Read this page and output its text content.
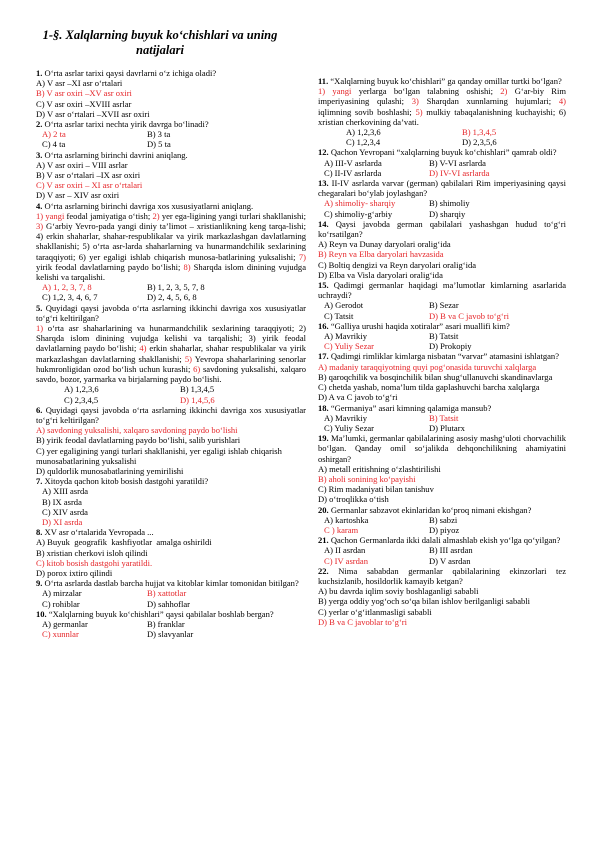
1-§. Xalqlarning buyuk ko‘chishlari va uning
natijalari
1. O‘rta asrlar tarixi qaysi davrlarni o‘z ichiga oladi?
A) V asr –XI asr o‘rtalari
B) V asr oxiri –XV asr oxiri
C) V asr oxiri –XVIII asrlar
D) V asr o‘rtalari –XVII asr oxiri
2. O‘rta asrlar tarixi nechta yirik davrga bo‘linadi?
A) 2 ta	B) 3 ta
C) 4 ta	D) 5 ta
3. O‘rta asrlarning birinchi davrini aniqlang.
A) V asr oxiri – VIII asrlar
B) V asr o‘rtalari –IX asr oxiri
C) V asr oxiri – XI asr o‘rtalari
D) V asr – XIV asr oxiri
4. O‘rta asrlarning birinchi davriga xos xususiyatlarni aniqlang.
1) yangi feodal jamiyatiga o‘tish; 2) yer ega-ligining yangi turlari shakllanishi; 3) G‘arbiy Yevro-pada yangi diniy ta’limot – xristianlikning keng tarqa-lishi; 4) erkin shaharlar, shahar-respublikalar va yirik markazlashgan davlatlarning shakllanishi; 5) o‘rta asr-larda shaharlarning va hunarmandchilik sexlarining taraqqiyoti; 6) yer egaligi ishlab chiqarish munosa-batlarining yuksalishi; 7) yirik feodal davlatlarning paydo bo‘lishi; 8) Sharqda islom dinining vujudga kelishi va tarqalishi.
A) 1, 2, 3, 7, 8	B) 1, 2, 3, 5, 7, 8
C) 1,2, 3, 4, 6, 7	D) 2, 4, 5, 6, 8
5. Quyidagi qaysi javobda o‘rta asrlarning ikkinchi davriga xos xususiyatlar to‘g‘ri keltirilgan?
1) o‘rta asr shaharlarining va hunarmandchilik sexlarining taraqqiyoti; 2) Sharqda islom dinining vujudga kelishi va tarqalishi; 3) yirik feodal davlatlarning paydo bo‘lishi; 4) erkin shaharlar, shahar respublikalar va yirik markazlashgan davlatlarning shakllanishi; 5) Yevropa shaharlarining senorlar hukmronligidan ozod bo‘lish uchun kurashi; 6) savdoning yuksalishi, xalqaro savdo, bozor, yarmarka va birjalarning paydo bo‘lishi.
A) 1,2,3,6	B) 1,3,4,5
C) 2,3,4,5	D) 1,4,5,6
6. Quyidagi qaysi javobda o‘rta asrlarning ikkinchi davriga xos xususiyatlar to‘g‘ri keltirilgan?
A) savdoning yuksalishi, xalqaro savdoning paydo bo‘lishi
B) yirik feodal davlatlarning paydo bo‘lishi, salib yurishlari
C) yer egaligining yangi turlari shakllanishi, yer egaligi ishlab chiqarish munosabatlarining yuksalishi
D) quldorlik munosabatlarining yemirilishi
7. Xitoyda qachon kitob bosish dastgohi yaratildi?
A) XIII asrda
B) IX asrda
C) XIV asrda
D) XI asrda
8. XV asr o‘rtalarida Yevropada ...
A) Buyuk  geografik  kashfiyotlar  amalga oshirildi
B) xristian cherkovi isloh qilindi
C) kitob bosish dastgohi yaratildi.
D) porox ixtiro qilindi
9. O‘rta asrlarda dastlab barcha hujjat va kitoblar kimlar tomonidan bitilgan?
A) mirzalar	B) xattotlar
C) rohiblar	D) sahhoflar
10. “Xalqlarning buyuk ko‘chishlari” qaysi qabilalar boshlab bergan?
A) germanlar	B) franklar
C) xunnlar	D) slavyanlar
11. “Xalqlarning buyuk ko‘chishlari” ga qanday omillar turtki bo‘lgan?
1) yangi yerlarga bo‘lgan talabning oshishi; 2) G‘ar-biy Rim imperiyasining qulashi; 3) Sharqdan xunnlarning hujumlari; 4) iqlimning sovib boshlashi; 5) mulkiy tabaqalanishning kuchayishi; 6) xristian cherkovining da’vati.
A) 1,2,3,6	B) 1,3,4,5
C) 1,2,3,4	D) 2,3,5,6
12. Qachon Yevropani “xalqlarning buyuk ko‘chishlari” qamrab oldi?
A) III-V asrlarda	B) V-VI asrlarda
C) II-IV asrlarda	D) IV-VI asrlarda
13. II-IV asrlarda varvar (german) qabilalari Rim imperiyasining qaysi chegaralari bo‘ylab joylashgan?
A) shimoliy- sharqiy	B) shimoliy
C) shimoliy-g‘arbiy	D) sharqiy
14. Qaysi javobda german qabilalari yashashgan hudud to‘g‘ri ko‘rsatilgan?
A) Reyn va Dunay daryolari oralig‘ida
B) Reyn va Elba daryolari havzasida
C) Boltiq dengizi va Reyn daryolari oralig‘ida
D) Elba va Visla daryolari oralig‘ida
15. Qadimgi germanlar haqidagi ma’lumotlar kimlarning asarlarida uchraydi?
A) Gerodot	B) Sezar
C) Tatsit	D) B va C javob to‘g‘ri
16. “Galliya urushi haqida xotiralar” asari muallifi kim?
A) Mavrikiy	B) Tatsit
C) Yuliy Sezar	D) Prokopiy
17. Qadimgi rimliklar kimlarga nisbatan “varvar” atamasini ishlatgan?
A) madaniy taraqqiyotning quyi pog‘onasida turuvchi xalqlarga
B) qaroqchilik va bosqinchilik bilan shug‘ullanuvchi skandinavlarga
C) chetda yashab, noma’lum tilda gaplashuvchi barcha xalqlarga
D) A va C javob to‘g‘ri
18. “Germaniya” asari kimning qalamiga mansub?
A) Mavrikiy	B) Tatsit
C) Yuliy Sezar	D) Plutarx
19. Ma’lumki, germanlar qabilalarining asosiy mashg‘uloti chorvachilik bo‘lgan. Qanday omil so‘jalikda dehqonchilikning ahamiyatini oshirgan?
A) metall eritishning o‘zlashtirilishi
B) aholi sonining ko‘payishi
C) Rim madaniyati bilan tanishuv
D) o‘troqlikka o‘tish
20. Germanlar sabzavot ekinlaridan ko‘proq nimani ekishgan?
A) kartoshka	B) sabzi
C ) karam	D) piyoz
21. Qachon Germanlarda ikki dalali almashlab ekish yo‘lga qo‘yilgan?
A) II asrdan	B) III asrdan
C) IV asrdan	D) V asrdan
22. Nima sababdan germanlar qabilalarining ekinzorlari tez kuchsizlanib, hosildorlik kamayib ketgan?
A) bu davrda iqlim soviy boshlaganligi sababli
B) yerga oddiy yog‘och so‘qa bilan ishlov berilganligi sababli
C) yerlar o‘g‘itlanmasligi sababli
D) B va C javoblar to‘g‘ri
